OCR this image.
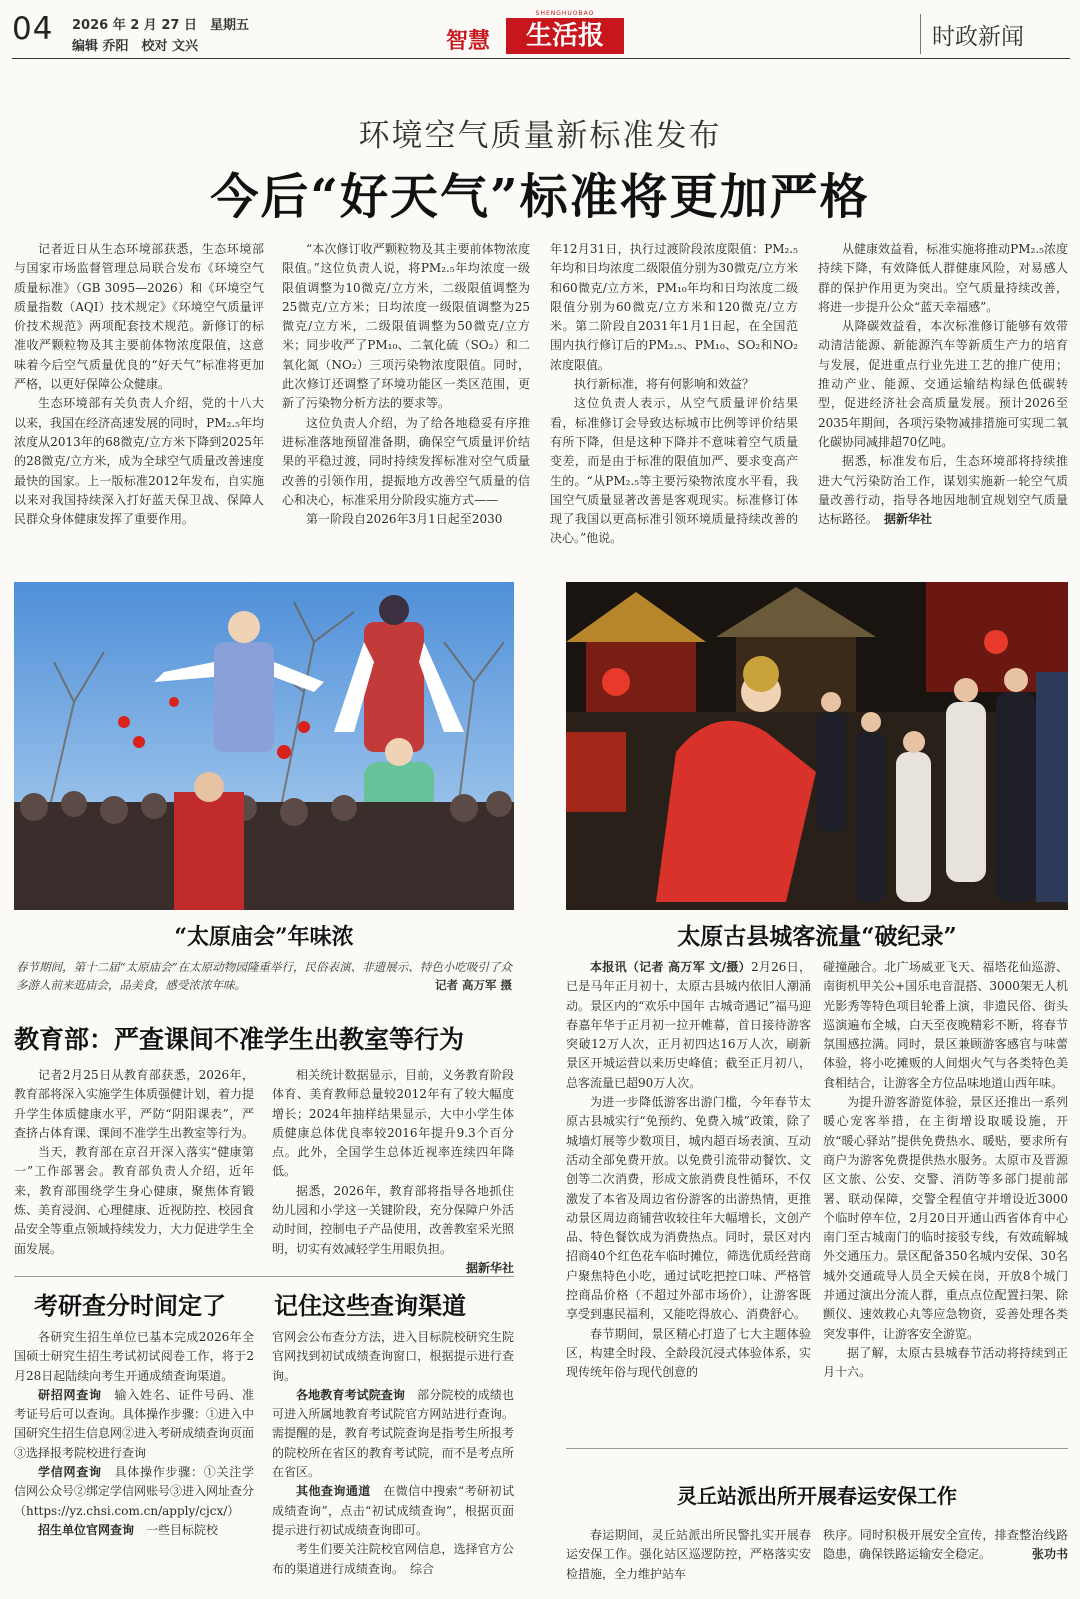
04 2026 年 2 月 27 日　星期五
编辑 乔阳　校对 文兴	智慧	生活报
SHENGHUOBAO
时政新闻
环境空气质量新标准发布
今后“好天气”标准将更加严格

记者近日从生态环境部获悉，生态环境部与国家市场监督管理总局联合发布《环境空气质量标准》（GB 3095—2026）和《环境空气质量指数（AQI）技术规定》《环境空气质量评价技术规范》两项配套技术规范。新修订的标准收严颗粒物及其主要前体物浓度限值，这意味着今后空气质量优良的“好天气”标准将更加严格，以更好保障公众健康。

生态环境部有关负责人介绍，党的十八大以来，我国在经济高速发展的同时，PM₂.₅年均浓度从2013年的68微克/立方米下降到2025年的28微克/立方米，成为全球空气质量改善速度最快的国家。上一版标准2012年发布，自实施以来对我国持续深入打好蓝天保卫战、保障人民群众身体健康发挥了重要作用。

“本次修订收严颗粒物及其主要前体物浓度限值。”这位负责人说，将PM₂.₅年均浓度一级限值调整为10微克/立方米，二级限值调整为25微克/立方米；日均浓度一级限值调整为25微克/立方米，二级限值调整为50微克/立方米；同步收严了PM₁₀、二氧化硫（SO₂）和二氧化氮（NO₂）三项污染物浓度限值。同时，此次修订还调整了环境功能区一类区范围，更新了污染物分析方法的要求等。

这位负责人介绍，为了给各地稳妥有序推进标准落地预留准备期，确保空气质量评价结果的平稳过渡，同时持续发挥标准对空气质量改善的引领作用，提振地方改善空气质量的信心和决心，标准采用分阶段实施方式——

第一阶段自2026年3月1日起至2030

年12月31日，执行过渡阶段浓度限值：PM₂.₅年均和日均浓度二级限值分别为30微克/立方米和60微克/立方米，PM₁₀年均和日均浓度二级限值分别为60微克/立方米和120微克/立方米。第二阶段自2031年1月1日起，在全国范围内执行修订后的PM₂.₅、PM₁₀、SO₂和NO₂浓度限值。

执行新标准，将有何影响和效益？

这位负责人表示，从空气质量评价结果看，标准修订会导致达标城市比例等评价结果有所下降，但是这种下降并不意味着空气质量变差，而是由于标准的限值加严、要求变高产生的。“从PM₂.₅等主要污染物浓度水平看，我国空气质量显著改善是客观现实。标准修订体现了我国以更高标准引领环境质量持续改善的决心。”他说。

从健康效益看，标准实施将推动PM₂.₅浓度持续下降，有效降低人群健康风险，对易感人群的保护作用更为突出。空气质量持续改善，将进一步提升公众“蓝天幸福感”。

从降碳效益看，本次标准修订能够有效带动清洁能源、新能源汽车等新质生产力的培育与发展，促进重点行业先进工艺的推广使用；推动产业、能源、交通运输结构绿色低碳转型，促进经济社会高质量发展。预计2026至2035年期间，各项污染物减排措施可实现二氧化碳协同减排超70亿吨。

据悉，标准发布后，生态环境部将持续推进大气污染防治工作，谋划实施新一轮空气质量改善行动，指导各地因地制宜规划空气质量达标路径。　 据新华社

“太原庙会”年味浓
春节期间，第十二届“太原庙会”在太原动物园隆重举行，民俗表演、非遗展示、特色小吃吸引了众多游人前来逛庙会，品美食，感受浓浓年味。	记者 高万军 摄
教育部：严查课间不准学生出教室等行为

记者2月25日从教育部获悉，2026年，教育部将深入实施学生体质强健计划，着力提升学生体质健康水平，严防“阴阳课表”，严查挤占体育课、课间不准学生出教室等行为。

当天，教育部在京召开深入落实“健康第一”工作部署会。教育部负责人介绍，近年来，教育部围绕学生身心健康，聚焦体育锻炼、美育浸润、心理健康、近视防控、校园食品安全等重点领域持续发力，大力促进学生全面发展。

相关统计数据显示，目前，义务教育阶段体育、美育教师总量较2012年有了较大幅度增长；2024年抽样结果显示，大中小学生体质健康总体优良率较2016年提升9.3个百分点。此外，全国学生总体近视率连续四年降低。

据悉，2026年，教育部将指导各地抓住幼儿园和小学这一关键阶段，充分保障户外活动时间，控制电子产品使用，改善教室采光照明，切实有效减轻学生用眼负担。

据新华社

考研查分时间定了 记住这些查询渠道

各研究生招生单位已基本完成2026年全国硕士研究生招生考试初试阅卷工作，将于2月28日起陆续向考生开通成绩查询渠道。

研招网查询　 输入姓名、证件号码、准考证号后可以查询。具体操作步骤：①进入中国研究生招生信息网②进入考研成绩查询页面③选择报考院校进行查询

学信网查询　 具体操作步骤：①关注学信网公众号②绑定学信网账号③进入网址查分（https://yz.chsi.com.cn/apply/cjcx/）

招生单位官网查询　 一些目标院校

官网会公布查分方法，进入目标院校研究生院官网找到初试成绩查询窗口，根据提示进行查询。

各地教育考试院查询　 部分院校的成绩也可进入所属地教育考试院官方网站进行查询。需提醒的是，教育考试院查询是指考生所报考的院校所在省区的教育考试院，而不是考点所在省区。

其他查询通道　 在微信中搜索“考研初试成绩查询”，点击“初试成绩查询”，根据页面提示进行初试成绩查询即可。

考生们要关注院校官网信息，选择官方公布的渠道进行成绩查询。　综合

太原古县城客流量“破纪录”

本报讯（记者 高万军 文/摄）2月26日，已是马年正月初十，太原古县城内依旧人潮涌动。景区内的“欢乐中国年 古城奇遇记”福马迎春嘉年华于正月初一拉开帷幕，首日接待游客突破12万人次，正月初四达16万人次，刷新景区开城运营以来历史峰值；截至正月初八，总客流量已超90万人次。

为进一步降低游客出游门槛，今年春节太原古县城实行“免预约、免费入城”政策，除了城墙灯展等少数项目，城内超百场表演、互动活动全部免费开放。以免费引流带动餐饮、文创等二次消费，形成文旅消费良性循环，不仅激发了本省及周边省份游客的出游热情，更推动景区周边商铺营收较往年大幅增长，文创产品、特色餐饮成为消费热点。同时，景区对内招商40个红色花车临时摊位，筛选优质经营商户聚焦特色小吃，通过试吃把控口味、严格管控商品价格（不超过外部市场价），让游客既享受到惠民福利，又能吃得放心、消费舒心。

春节期间，景区精心打造了七大主题体验区，构建全时段、全龄段沉浸式体验体系，实现传统年俗与现代创意的

碰撞融合。北广场威亚飞天、福塔花仙巡游、南街机甲关公+国乐电音混搭、3000架无人机光影秀等特色项目轮番上演，非遗民俗、街头巡演遍布全城，白天至夜晚精彩不断，将春节氛围感拉满。同时，景区兼顾游客感官与味蕾体验，将小吃摊贩的人间烟火气与各类特色美食相结合，让游客全方位品味地道山西年味。

为提升游客游览体验，景区还推出一系列暖心宠客举措，在主街增设取暖设施，开放“暖心驿站”提供免费热水、暖贴，要求所有商户为游客免费提供热水服务。太原市及晋源区文旅、公安、交警、消防等多部门提前部署、联动保障，交警全程值守并增设近3000个临时停车位，2月20日开通山西省体育中心南门至古城南门的临时接驳专线，有效疏解城外交通压力。景区配备350名城内安保、30名城外交通疏导人员全天候在岗，开放8个城门并通过演出分流人群，重点点位配置扫架、除颤仪、速效救心丸等应急物资，妥善处理各类突发事件，让游客安全游览。

据了解，太原古县城春节活动将持续到正月十六。

灵丘站派出所开展春运安保工作

春运期间，灵丘站派出所民警扎实开展春运安保工作。强化站区巡逻防控，严格落实安检措施，全力维护站车

秩序。同时积极开展安全宣传，排查整治线路隐患，确保铁路运输安全稳定。	张功书
